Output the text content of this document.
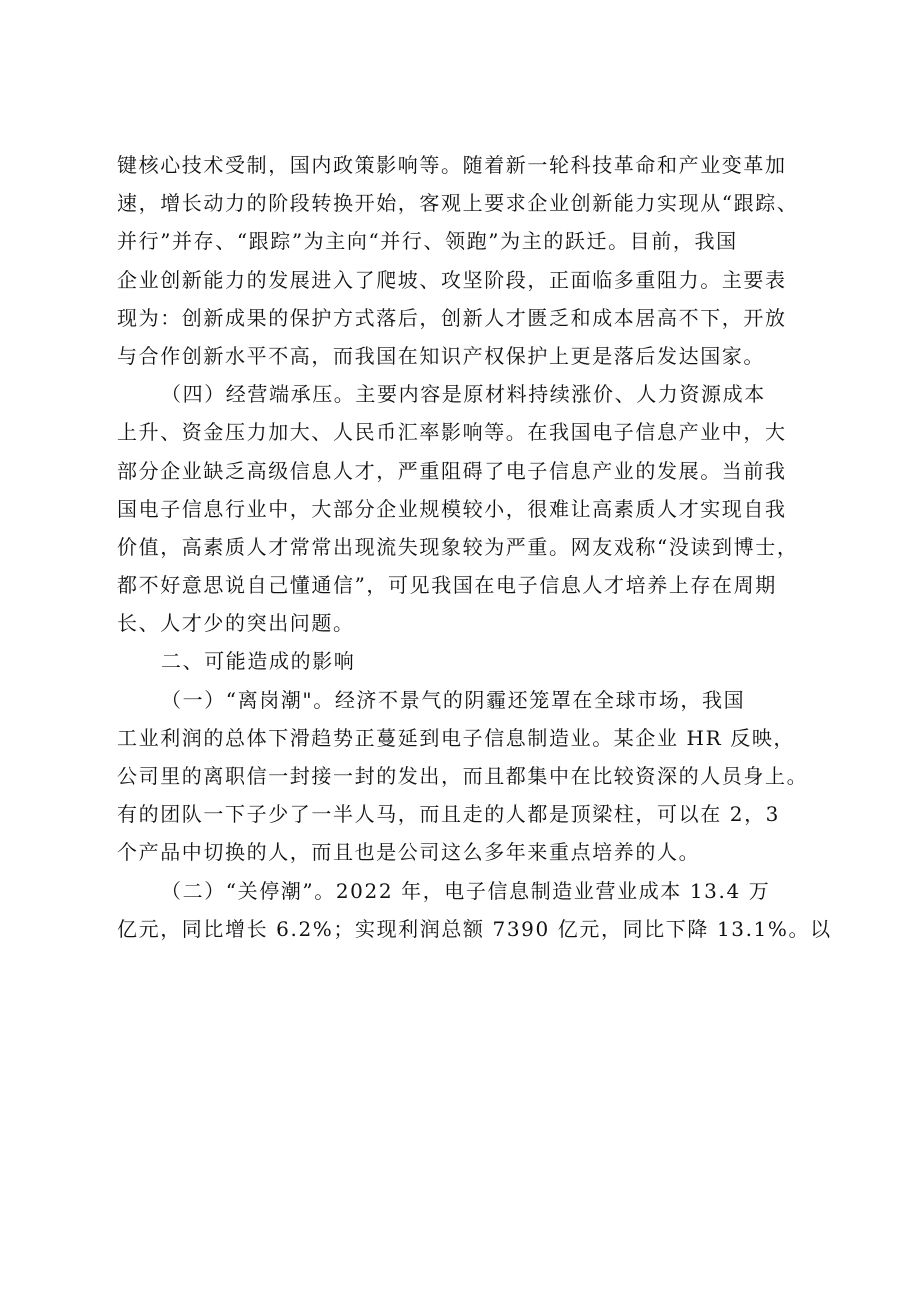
键核心技术受制，国内政策影响等。随着新一轮科技革命和产业变革加
速，增长动力的阶段转换开始，客观上要求企业创新能力实现从“跟踪、
并行”并存、“跟踪”为主向“并行、领跑”为主的跃迁。目前，我国
企业创新能力的发展进入了爬坡、攻坚阶段，正面临多重阻力。主要表
现为：创新成果的保护方式落后，创新人才匮乏和成本居高不下，开放
与合作创新水平不高，而我国在知识产权保护上更是落后发达国家。
（四）经营端承压。主要内容是原材料持续涨价、人力资源成本
上升、资金压力加大、人民币汇率影响等。在我国电子信息产业中，大
部分企业缺乏高级信息人才，严重阻碍了电子信息产业的发展。当前我
国电子信息行业中，大部分企业规模较小，很难让高素质人才实现自我
价值，高素质人才常常出现流失现象较为严重。网友戏称“没读到博士，
都不好意思说自己懂通信”，可见我国在电子信息人才培养上存在周期
长、人才少的突出问题。
二、可能造成的影响
（一）“离岗潮"。经济不景气的阴霾还笼罩在全球市场，我国
工业利润的总体下滑趋势正蔓延到电子信息制造业。某企业 HR 反映，
公司里的离职信一封接一封的发出，而且都集中在比较资深的人员身上。
有的团队一下子少了一半人马，而且走的人都是顶梁柱，可以在 2，3
个产品中切换的人，而且也是公司这么多年来重点培养的人。
（二）“关停潮”。2022 年，电子信息制造业营业成本 13.4 万
亿元，同比增长 6.2%；实现利润总额 7390 亿元，同比下降 13.1%。以
